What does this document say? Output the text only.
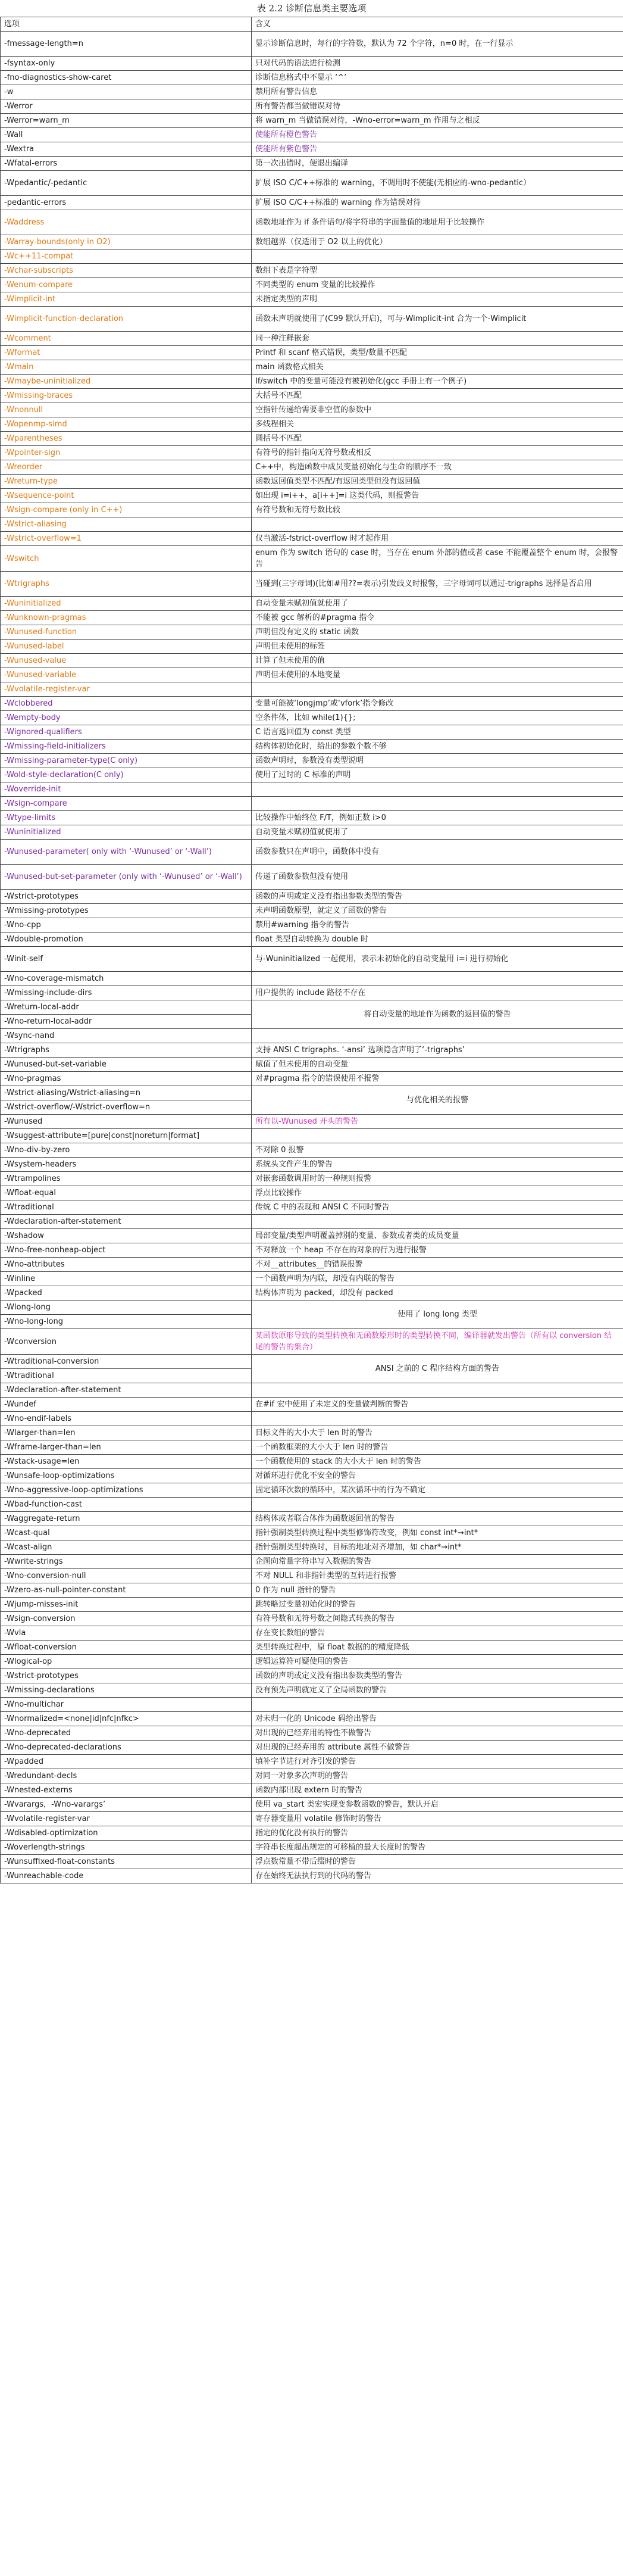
表 2.2 诊断信息类主要选项
选项	含义
-fmessage-length=n	显示诊断信息时，每行的字符数，默认为 72 个字符，n=0 时，在一行显示
-fsyntax-only	只对代码的语法进行检测
-fno-diagnostics-show-caret	诊断信息格式中不显示 ‘^’
-w	禁用所有警告信息
-Werror	所有警告都当做错误对待
-Werror=warn_m	将 warn_m 当做错误对待，-Wno-error=warn_m 作用与之相反
-Wall	使能所有橙色警告
-Wextra	使能所有紫色警告
-Wfatal-errors	第一次出错时，便退出编译
-Wpedantic/-pedantic	扩展 ISO C/C++标准的 warning，不调用时不使能(无相应的-wno-pedantic）
-pedantic-errors	扩展 ISO C/C++标准的 warning 作为错误对待
-Waddress	函数地址作为 if 条件语句/将字符串的字面量值的地址用于比较操作
-Warray-bounds(only in O2)	数组越界（仅适用于 O2 以上的优化）
-Wc++11-compat	
-Wchar-subscripts	数组下表是字符型
-Wenum-compare	不同类型的 enum 变量的比较操作
-Wimplicit-int	未指定类型的声明
-Wimplicit-function-declaration	函数未声明就使用了(C99 默认开启)，可与-Wimplicit-int 合为一个-Wimplicit
-Wcomment	同一种注释嵌套
-Wformat	Printf 和 scanf 格式错误，类型/数量不匹配
-Wmain	main 函数格式相关
-Wmaybe-uninitialized	If/switch 中的变量可能没有被初始化(gcc 手册上有一个例子)
-Wmissing-braces	大括号不匹配
-Wnonnull	空指针传递给需要非空值的参数中
-Wopenmp-simd	多线程相关
-Wparentheses	圆括号不匹配
-Wpointer-sign	有符号的指针指向无符号数或相反
-Wreorder	C++中，构造函数中成员变量初始化与生命的顺序不一致
-Wreturn-type	函数返回值类型不匹配/有返回类型但没有返回值
-Wsequence-point	如出现 i=i++，a[i++]=i 这类代码，则报警告
-Wsign-compare (only in C++)	有符号数和无符号数比较
-Wstrict-aliasing	
-Wstrict-overflow=1	仅当激活-fstrict-overflow 时才起作用
-Wswitch	enum 作为 switch 语句的 case 时，当存在 enum 外部的值或者 case 不能覆盖整个 enum 时，会报警告
-Wtrigraphs	当碰到(三字母词)(比如#用??=表示)引发歧义时报警，三字母词可以通过-trigraphs 选择是否启用
-Wuninitialized	自动变量未赋初值就使用了
-Wunknown-pragmas	不能被 gcc 解析的#pragma 指令
-Wunused-function	声明但没有定义的 static 函数
-Wunused-label	声明但未使用的标签
-Wunused-value	计算了但未使用的值
-Wunused-variable	声明但未使用的本地变量
-Wvolatile-register-var	
-Wclobbered	变量可能被‘longjmp’或‘vfork’指令修改
-Wempty-body	空条件体，比如 while(1){};
-Wignored-qualifiers	C 语言返回值为 const 类型
-Wmissing-field-initializers	结构体初始化时，给出的参数个数不够
-Wmissing-parameter-type(C only)	函数声明时，参数没有类型说明
-Wold-style-declaration(C only)	使用了过时的 C 标准的声明
-Woverride-init	
-Wsign-compare	
-Wtype-limits	比较操作中始终位 F/T，例如正数 i>0
-Wuninitialized	自动变量未赋初值就使用了
-Wunused-parameter( only with ‘-Wunused’ or ‘-Wall’)	函数参数只在声明中，函数体中没有
-Wunused-but-set-parameter (only with ‘-Wunused’ or ‘-Wall’)	传递了函数参数但没有使用
-Wstrict-prototypes	函数的声明或定义没有指出参数类型的警告
-Wmissing-prototypes	未声明函数原型，就定义了函数的警告
-Wno-cpp	禁用#warning 指令的警告
-Wdouble-promotion	float 类型自动转换为 double 时
-Winit-self	与-Wuninitialized 一起使用，表示未初始化的自动变量用 i=i 进行初始化
-Wno-coverage-mismatch	
-Wmissing-include-dirs	用户提供的 include 路径不存在
-Wreturn-local-addr	将自动变量的地址作为函数的返回值的警告
-Wno-return-local-addr	
-Wsync-nand	
-Wtrigraphs	支持 ANSI C trigraphs. ‘-ansi’ 选项隐含声明了‘-trigraphs’
-Wunused-but-set-variable	赋值了但未使用的自动变量
-Wno-pragmas	对#pragma 指令的错误使用不报警
-Wstrict-aliasing/Wstrict-aliasing=n	与优化相关的报警
-Wstrict-overflow/-Wstrict-overflow=n	
-Wunused	所有以-Wunused 开头的警告
-Wsuggest-attribute=[pure|const|noreturn|format]	
-Wno-div-by-zero	不对除 0 报警
-Wsystem-headers	系统头文件产生的警告
-Wtrampolines	对嵌套函数调用时的一种规则报警
-Wfloat-equal	浮点比较操作
-Wtraditional	传统 C 中的表现和 ANSI C 不同时警告
-Wdeclaration-after-statement	
-Wshadow	局部变量/类型声明覆盖掉别的变量、参数或者类的成员变量
-Wno-free-nonheap-object	不对释放一个 heap 不存在的对象的行为进行报警
-Wno-attributes	不对__attributes__的错误报警
-Winline	一个函数声明为内联，却没有内联的警告
-Wpacked	结构体声明为 packed，却没有 packed
-Wlong-long	使用了 long long 类型
-Wno-long-long	
-Wconversion	某函数原形导致的类型转换和无函数原形时的类型转换不同，编译器就发出警告（所有以 conversion 结尾的警告的集合）
-Wtraditional-conversion	ANSI 之前的 C 程序结构方面的警告
-Wtraditional	
-Wdeclaration-after-statement	
-Wundef	在#if 宏中使用了未定义的变量做判断的警告
-Wno-endif-labels	
-Wlarger-than=len	目标文件的大小大于 len 时的警告
-Wframe-larger-than=len	一个函数框架的大小大于 len 时的警告
-Wstack-usage=len	一个函数使用的 stack 的大小大于 len 时的警告
-Wunsafe-loop-optimizations	对循环进行优化不安全的警告
-Wno-aggressive-loop-optimizations	固定循环次数的循环中，某次循环中的行为不确定
-Wbad-function-cast	
-Waggregate-return	结构体或者联合体作为函数返回值的警告
-Wcast-qual	指针强制类型转换过程中类型修饰符改变，例如 const int*→int*
-Wcast-align	指针强制类型转换时，目标的地址对齐增加，如 char*→int*
-Wwrite-strings	企图向常量字符串写入数据的警告
-Wno-conversion-null	不对 NULL 和非指针类型的互转进行报警
-Wzero-as-null-pointer-constant	0 作为 null 指针的警告
-Wjump-misses-init	跳转略过变量初始化时的警告
-Wsign-conversion	有符号数和无符号数之间隐式转换的警告
-Wvla	存在变长数组的警告
-Wfloat-conversion	类型转换过程中，原 float 数据的的精度降低
-Wlogical-op	逻辑运算符可疑使用的警告
-Wstrict-prototypes	函数的声明或定义没有指出参数类型的警告
-Wmissing-declarations	没有预先声明就定义了全局函数的警告
-Wno-multichar	
-Wnormalized=<none|id|nfc|nfkc>	对未归一化的 Unicode 码给出警告
-Wno-deprecated	对出现的已经弃用的特性不做警告
-Wno-deprecated-declarations	对出现的已经弃用的 attribute 属性不做警告
-Wpadded	填补字节进行对齐引发的警告
-Wredundant-decls	对同一对象多次声明的警告
-Wnested-externs	函数内部出现 extern 时的警告
-Wvarargs，-Wno-varargs’	使用 va_start 类宏实现变参数函数的警告，默认开启
-Wvolatile-register-var	寄存器变量用 volatile 修饰时的警告
-Wdisabled-optimization	指定的优化没有执行的警告
-Woverlength-strings	字符串长度超出规定的可移植的最大长度时的警告
-Wunsuffixed-float-constants	浮点数常量不带后缀时的警告
-Wunreachable-code	存在始终无法执行到的代码的警告
